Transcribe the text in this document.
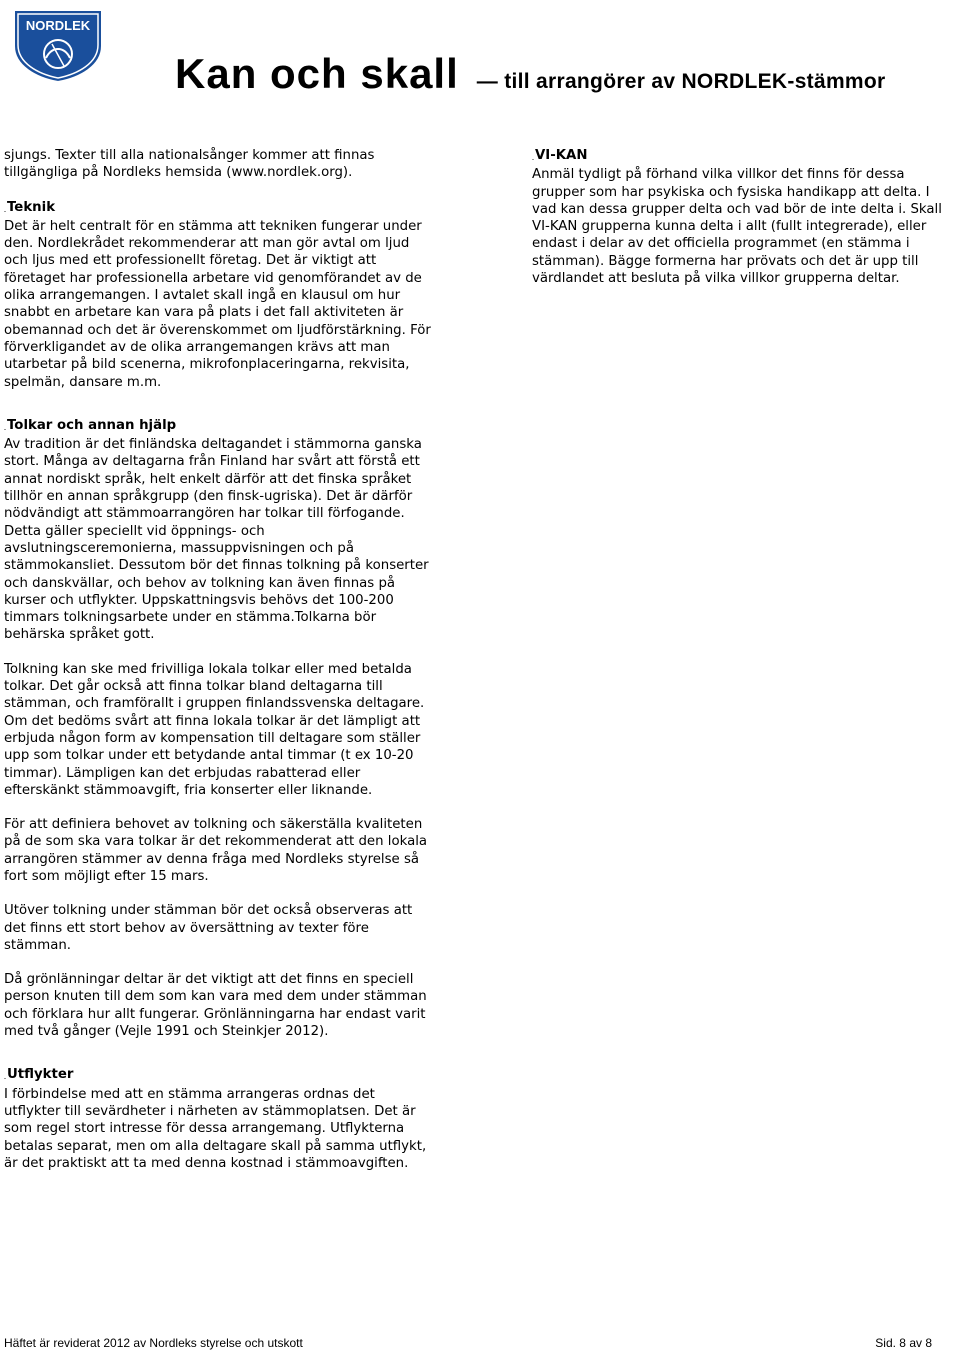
NORDLEK
Kan och skall — till arrangörer av NORDLEK-stämmor

sjungs. Texter till alla nationalsånger kommer att finnas tillgängliga på Nordleks hemsida (www.nordlek.org).

_Teknik

Det är helt centralt för en stämma att tekniken fungerar under den. Nordlekrådet rekommenderar att man gör avtal om ljud och ljus med ett professionellt företag. Det är viktigt att företaget har professionella arbetare vid genomförandet av de olika arrangemangen. I avtalet skall ingå en klausul om hur snabbt en arbetare kan vara på plats i det fall aktiviteten är obemannad och det är överenskommet om ljudförstärkning. För förverkligandet av de olika arrangemangen krävs att man utarbetar på bild scenerna, mikrofonplaceringarna, rekvisita, spelmän, dansare m.m.

_Tolkar och annan hjälp

Av tradition är det finländska deltagandet i stämmorna ganska stort. Många av deltagarna från Finland har svårt att förstå ett annat nordiskt språk, helt enkelt därför att det finska språket tillhör en annan språkgrupp (den finsk-ugriska). Det är därför nödvändigt att stämmoarrangören har tolkar till förfogande. Detta gäller speciellt vid öppnings- och avslutningsceremonierna, massuppvisningen och på stämmokansliet. Dessutom bör det finnas tolkning på konserter och danskvällar, och behov av tolkning kan även finnas på kurser och utflykter. Uppskattningsvis behövs det 100-200 timmars tolkningsarbete under en stämma.Tolkarna bör behärska språket gott.

Tolkning kan ske med frivilliga lokala tolkar eller med betalda tolkar. Det går också att finna tolkar bland deltagarna till stämman, och framförallt i gruppen finlandssvenska deltagare. Om det bedöms svårt att finna lokala tolkar är det lämpligt att erbjuda någon form av kompensation till deltagare som ställer upp som tolkar under ett betydande antal timmar (t ex 10-20 timmar). Lämpligen kan det erbjudas rabatterad eller efterskänkt stämmoavgift, fria konserter eller liknande.

För att definiera behovet av tolkning och säkerställa kvaliteten på de som ska vara tolkar är det rekommenderat att den lokala arrangören stämmer av denna fråga med Nordleks styrelse så fort som möjligt efter 15 mars.

Utöver tolkning under stämman bör det också observeras att det finns ett stort behov av översättning av texter före stämman.

Då grönlänningar deltar är det viktigt att det finns en speciell person knuten till dem som kan vara med dem under stämman och förklara hur allt fungerar. Grönlänningarna har endast varit med två gånger (Vejle 1991 och Steinkjer 2012).

_Utflykter

I förbindelse med att en stämma arrangeras ordnas det utflykter till sevärdheter i närheten av stämmoplatsen. Det är som regel stort intresse för dessa arrangemang. Utflykterna betalas separat, men om alla deltagare skall på samma utflykt, är det praktiskt att ta med denna kostnad i stämmoavgiften.

_VI-KAN

Anmäl tydligt på förhand vilka villkor det finns för dessa grupper som har psykiska och fysiska handikapp att delta. I vad kan dessa grupper delta och vad bör de inte delta i. Skall VI-KAN grupperna kunna delta i allt (fullt integrerade), eller endast i delar av det officiella programmet (en stämma i stämman). Bägge formerna har prövats och det är upp till värdlandet att besluta på vilka villkor grupperna deltar.

Häftet är reviderat 2012 av Nordleks styrelse och utskott	Sid. 8 av 8
